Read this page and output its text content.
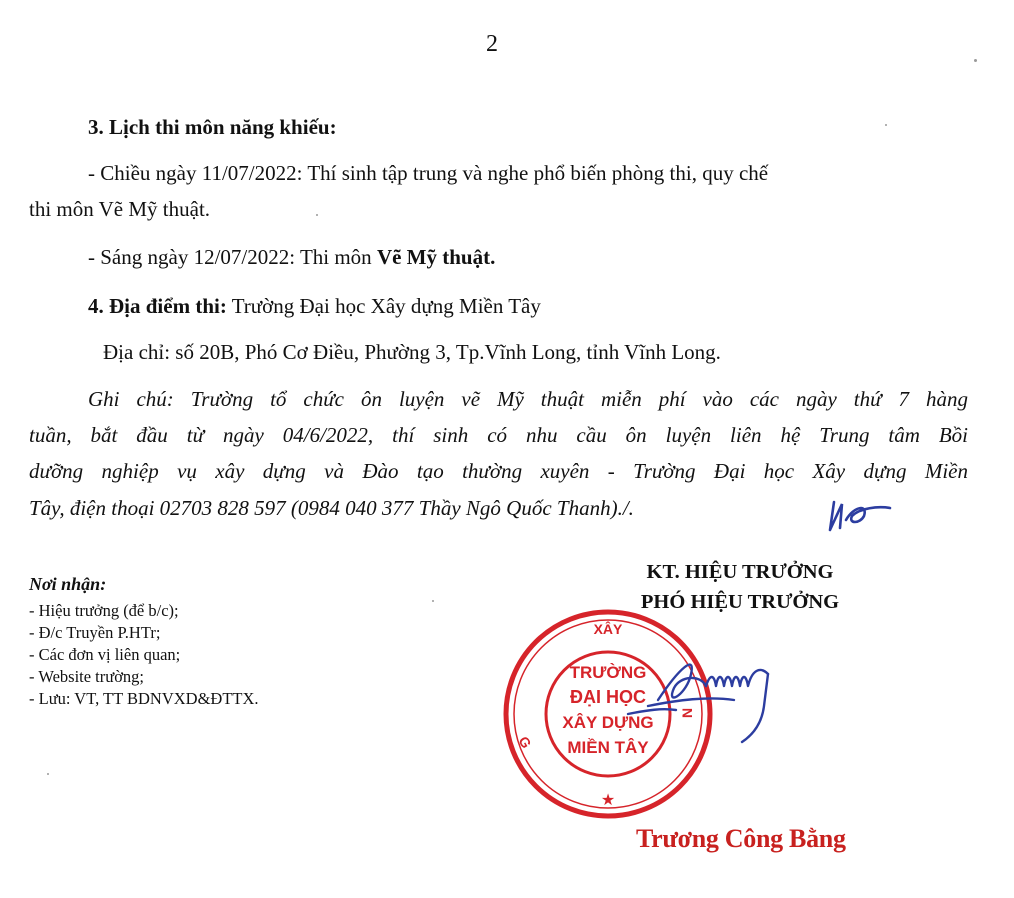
2
3. Lịch thi môn năng khiếu:
- Chiều ngày 11/07/2022: Thí sinh tập trung và nghe phổ biến phòng thi, quy chế
thi môn Vẽ Mỹ thuật.
- Sáng ngày 12/07/2022: Thi môn Vẽ Mỹ thuật.
4. Địa điểm thi: Trường Đại học Xây dựng Miền Tây
Địa chỉ: số 20B, Phó Cơ Điều, Phường 3, Tp.Vĩnh Long, tỉnh Vĩnh Long.
Ghi chú: Trường tổ chức ôn luyện vẽ Mỹ thuật miễn phí vào các ngày thứ 7 hàng
tuần, bắt đầu từ ngày 04/6/2022, thí sinh có nhu cầu ôn luyện liên hệ Trung tâm Bồi
dưỡng nghiệp vụ xây dựng và Đào tạo thường xuyên - Trường Đại học Xây dựng Miền
Tây, điện thoại 02703 828 597 (0984 040 377 Thầy Ngô Quốc Thanh)./.
Nơi nhận:
- Hiệu trưởng (để b/c);
- Đ/c Truyền P.HTr;
- Các đơn vị liên quan;
- Website trường;
- Lưu: VT, TT BDNVXD&ĐTTX.
KT. HIỆU TRƯỞNG
PHÓ HIỆU TRƯỞNG
XÂY
G
N
★
TRƯỜNG
ĐẠI HỌC
XÂY DỰNG
MIỀN TÂY
Trương Công Bằng
